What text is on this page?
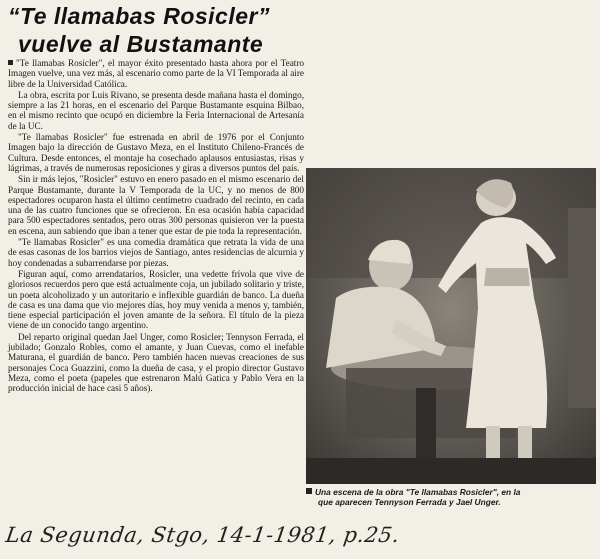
“Te llamabas Rosicler”
vuelve al Bustamante

"Te llamabas Rosicler", el mayor éxito presentado hasta ahora por el Teatro Imagen vuelve, una vez más, al escenario como parte de la VI Temporada al aire libre de la Universidad Católica.

La obra, escrita por Luis Rivano, se presenta desde mañana hasta el domingo, siempre a las 21 horas, en el escenario del Parque Bustamante esquina Bilbao, en el mismo recinto que ocupó en diciembre la Feria Internacional de Artesanía de la UC.

"Te llamabas Rosicler" fue estrenada en abril de 1976 por el Conjunto Imagen bajo la dirección de Gustavo Meza, en el Instituto Chileno-Francés de Cultura. Desde entonces, el montaje ha cosechado aplausos entusiastas, risas y lágrimas, a través de numerosas reposiciones y giras a diversos puntos del país.

Sin ir más lejos, "Rosicler" estuvo en enero pasado en el mismo escenario del Parque Bustamante, durante la V Temporada de la UC, y no menos de 800 espectadores ocuparon hasta el último centímetro cuadrado del recinto, en cada una de las cuatro funciones que se ofrecieron. En esa ocasión había capacidad para 500 espectadores sentados, pero otras 300 personas quisieron ver la puesta en escena, aun sabiendo que iban a tener que estar de pie toda la representación.

"Te llamabas Rosicler" es una comedia dramática que retrata la vida de una de esas casonas de los barrios viejos de Santiago, antes residencias de alcurnia y hoy condenadas a subarrendarse por piezas.

Figuran aquí, como arrendatarios, Rosicler, una vedette frívola que vive de gloriosos recuerdos pero que está actualmente coja, un jubilado solitario y triste, un poeta alcoholizado y un autoritario e inflexible guardián de banco. La dueña de casa es una dama que vio mejores días, hoy muy venida a menos y, también, tiene especial participación el joven amante de la señora. El título de la pieza viene de un conocido tango argentino.

Del reparto original quedan Jael Unger, como Rosicler; Tennyson Ferrada, el jubilado; Gonzalo Robles, como el amante, y Juan Cuevas, como el inefable Maturana, el guardián de banco. Pero también hacen nuevas creaciones de sus personajes Coca Guazzini, como la dueña de casa, y el propio director Gustavo Meza, como el poeta (papeles que estrenaron Malú Gatica y Pablo Vera en la producción inicial de hace casi 5 años).

Una escena de la obra "Te llamabas Rosicler", en la
que aparecen Tennyson Ferrada y Jael Unger.
La Segunda, Stgo, 14-1-1981, p.25.
